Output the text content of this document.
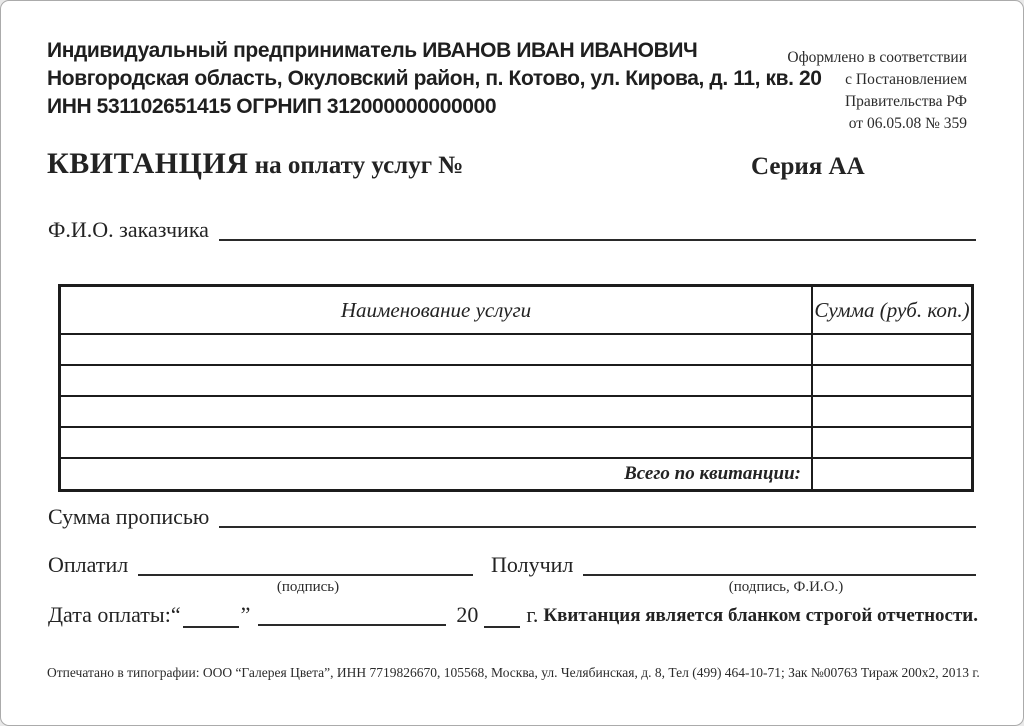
Индивидуальный предприниматель ИВАНОВ ИВАН ИВАНОВИЧ
Новгородская область, Окуловский район, п. Котово, ул. Кирова, д. 11, кв. 20
ИНН 531102651415 ОГРНИП 312000000000000
Оформлено в соответствии
с Постановлением
Правительства РФ
от 06.05.08 № 359
КВИТАНЦИЯ на оплату услуг №	Серия АА
Ф.И.О. заказчика
Наименование услуги	Сумма (руб. коп.)
Всего по квитанции:
Сумма прописью
Оплатил
(подпись)
Получил
(подпись, Ф.И.О.)
Дата оплаты: “	”	20 г. Квитанция является бланком строгой отчетности.
Отпечатано в типографии: ООО “Галерея Цвета”, ИНН 7719826670, 105568, Москва, ул. Челябинская, д. 8, Тел (499) 464-10-71; Зак №00763 Тираж 200х2, 2013 г.
